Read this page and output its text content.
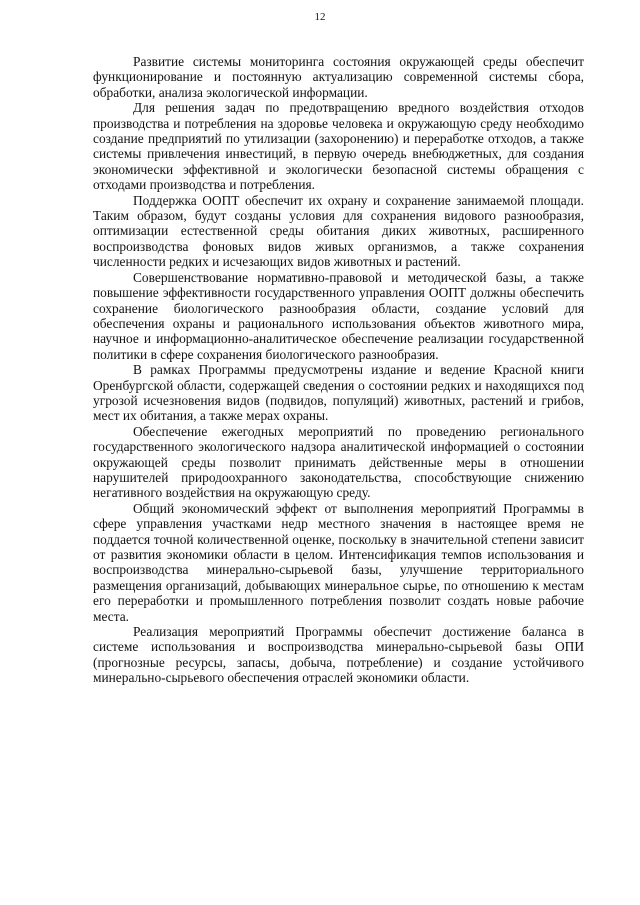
12

Развитие системы мониторинга состояния окружающей среды обеспечит функционирование и постоянную актуализацию современной системы сбора, обработки, анализа экологической информации.

Для решения задач по предотвращению вредного воздействия отходов производства и потребления на здоровье человека и окружающую среду необходимо создание предприятий по утилизации (захоронению) и переработке отходов, а также системы привлечения инвестиций, в первую очередь внебюджетных, для создания экономически эффективной и экологически безопасной системы обращения с отходами производства и потребления.

Поддержка ООПТ обеспечит их охрану и сохранение занимаемой площади. Таким образом, будут созданы условия для сохранения видового разнообразия, оптимизации естественной среды обитания диких животных, расширенного воспроизводства фоновых видов живых организмов, а также сохранения численности редких и исчезающих видов животных и растений.

Совершенствование нормативно-правовой и методической базы, а также повышение эффективности государственного управления ООПТ должны обеспечить сохранение биологического разнообразия области, создание условий для обеспечения охраны и рационального использования объектов животного мира, научное и информационно-аналитическое обеспечение реализации государственной политики в сфере сохранения биологического разнообразия.

В рамках Программы предусмотрены издание и ведение Красной книги Оренбургской области, содержащей сведения о состоянии редких и находящихся под угрозой исчезновения видов (подвидов, популяций) животных, растений и грибов, мест их обитания, а также мерах охраны.

Обеспечение ежегодных мероприятий по проведению регионального государственного экологического надзора аналитической информацией о состоянии окружающей среды позволит принимать действенные меры в отношении нарушителей природоохранного законодательства, способствующие снижению негативного воздействия на окружающую среду.

Общий экономический эффект от выполнения мероприятий Программы в сфере управления участками недр местного значения в настоящее время не поддается точной количественной оценке, поскольку в значительной степени зависит от развития экономики области в целом. Интенсификация темпов использования и воспроизводства минерально-сырьевой базы, улучшение территориального размещения организаций, добывающих минеральное сырье, по отношению к местам его переработки и промышленного потребления позволит создать новые рабочие места.

Реализация мероприятий Программы обеспечит достижение баланса в системе использования и воспроизводства минерально-сырьевой базы ОПИ (прогнозные ресурсы, запасы, добыча, потребление) и создание устойчивого минерально-сырьевого обеспечения отраслей экономики области.

▔▔▔ ▔ ▔▔▔▔ ▔ ▔▔ ▔▔▔ ▔ ▔▔▔▔▔ ▔
